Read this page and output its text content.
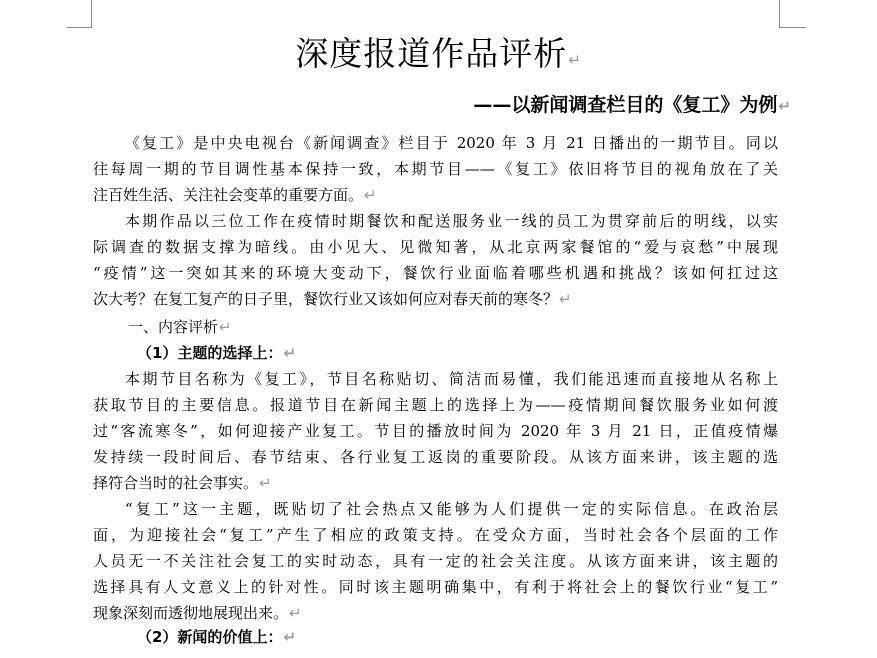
深度报道作品评析↵
——以新闻调查栏目的《复工》为例↵
《复工》是中央电视台《新闻调查》栏目于 2020 年 3 月 21 日播出的一期节目。同以
往每周一期的节目调性基本保持一致，本期节目——《复工》依旧将节目的视角放在了关
注百姓生活、关注社会变革的重要方面。↵
本期作品以三位工作在疫情时期餐饮和配送服务业一线的员工为贯穿前后的明线，以实
际调查的数据支撑为暗线。由小见大、见微知著，从北京两家餐馆的“爱与哀愁”中展现
“疫情”这一突如其来的环境大变动下，餐饮行业面临着哪些机遇和挑战？该如何扛过这
次大考？在复工复产的日子里，餐饮行业又该如何应对春天前的寒冬？↵
一、内容评析↵
（1）主题的选择上：↵
本期节目名称为《复工》，节目名称贴切、简洁而易懂，我们能迅速而直接地从名称上
获取节目的主要信息。报道节目在新闻主题上的选择上为——疫情期间餐饮服务业如何渡
过“客流寒冬”，如何迎接产业复工。节目的播放时间为 2020 年 3 月 21 日，正值疫情爆
发持续一段时间后、春节结束、各行业复工返岗的重要阶段。从该方面来讲，该主题的选
择符合当时的社会事实。↵
“复工”这一主题，既贴切了社会热点又能够为人们提供一定的实际信息。在政治层
面，为迎接社会“复工”产生了相应的政策支持。在受众方面，当时社会各个层面的工作
人员无一不关注社会复工的实时动态，具有一定的社会关注度。从该方面来讲，该主题的
选择具有人文意义上的针对性。同时该主题明确集中，有利于将社会上的餐饮行业“复工”
现象深刻而透彻地展现出来。↵
（2）新闻的价值上：↵
